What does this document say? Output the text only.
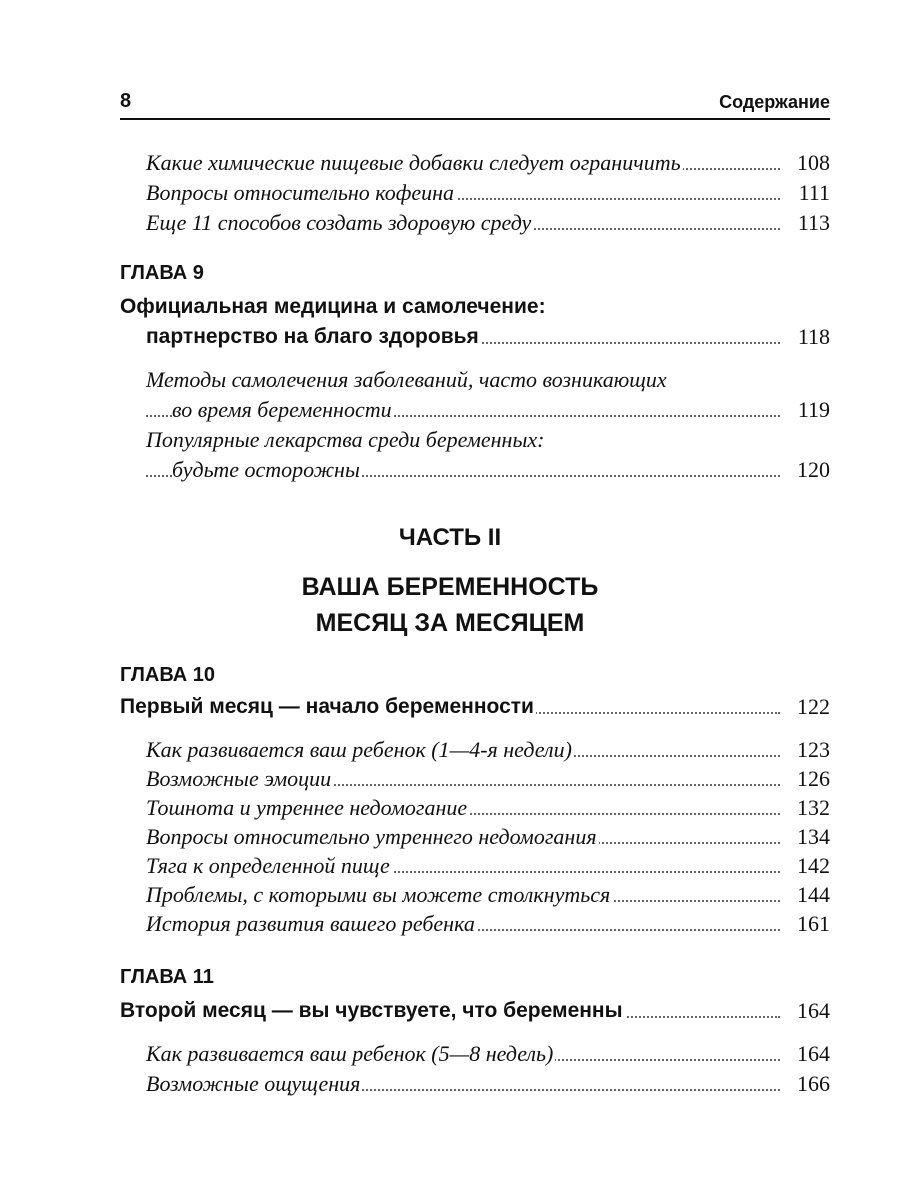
8	Содержание
Какие химические пищевые добавки следует ограничить	108
Вопросы относительно кофеина	111
Еще 11 способов создать здоровую среду	113
ГЛАВА 9
Официальная медицина и самолечение:
партнерство на благо здоровья	118
Методы самолечения заболеваний, часто возникающих
во время беременности	119
Популярные лекарства среди беременных:
будьте осторожны	120
ЧАСТЬ II
ВАША БЕРЕМЕННОСТЬ
МЕСЯЦ ЗА МЕСЯЦЕМ
ГЛАВА 10
Первый месяц — начало беременности	122
Как развивается ваш ребенок (1—4-я недели)	123
Возможные эмоции	126
Тошнота и утреннее недомогание	132
Вопросы относительно утреннего недомогания	134
Тяга к определенной пище	142
Проблемы, с которыми вы можете столкнуться	144
История развития вашего ребенка	161
ГЛАВА 11
Второй месяц — вы чувствуете, что беременны	164
Как развивается ваш ребенок (5—8 недель)	164
Возможные ощущения	166
